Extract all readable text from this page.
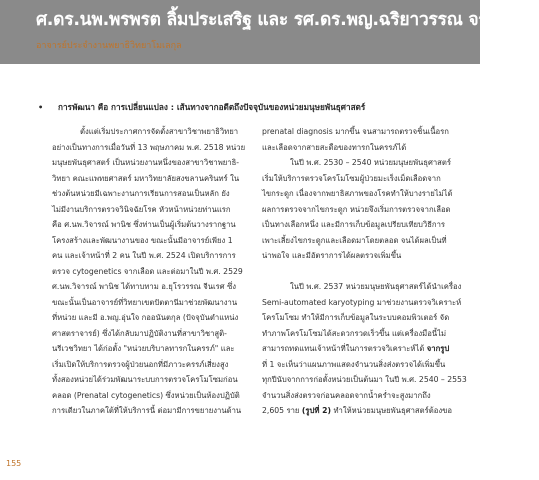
ศ.ดร.นพ.พรพรต ลิ้มประเสริฐ และ รศ.ดร.พญ.ฉริยาวรรณ จรัลสวัสดิ์
อาจารย์ประจำงานพยาธิวิทยาโมเลกุล
• การพัฒนา คือ การเปลี่ยนแปลง : เส้นทางจากอดีตถึงปัจจุบันของหน่วยมนุษยพันธุศาสตร์
ตั้งแต่เริ่มประกาศการจัดตั้งสาขาวิชาพยาธิวิทยา
อย่างเป็นทางการเมื่อวันที่ 13 พฤษภาคม พ.ศ. 2518 หน่วย
มนุษยพันธุศาสตร์ เป็นหน่วยงานหนึ่งของสาขาวิชาพยาธิ-
วิทยา คณะแพทยศาสตร์ มหาวิทยาลัยสงขลานครินทร์ ใน
ช่วงต้นหน่วยมีเฉพาะงานการเรียนการสอนเป็นหลัก ยัง
ไม่มีงานบริการตรวจวินิจฉัยโรค หัวหน้าหน่วยท่านแรก
คือ ศ.นพ.วิจารณ์ พานิช ซึ่งท่านเป็นผู้เริ่มต้นวางรากฐาน
โครงสร้างและพัฒนางานของ ขณะนั้นมีอาจารย์เพียง 1
คน และเจ้าหน้าที่ 2 คน ในปี พ.ศ. 2524 เปิดบริการการ
ตรวจ cytogenetics จากเลือด และต่อมาในปี พ.ศ. 2529
ศ.นพ.วิจารณ์ พานิช ได้ทาบทาม อ.ยุโรวรรณ จีนเรศ ซึ่ง
ขณะนั้นเป็นอาจารย์ที่วิทยาเขตปัตตานีมาช่วยพัฒนางาน
ที่หน่วย และมี อ.พญ.อุ่นใจ กออนันตกุล (ปัจจุบันตำแหน่ง
ศาสตราจารย์) ซึ่งได้กลับมาปฏิบัติงานที่สาขาวิชาสูติ-
นรีเวชวิทยา ได้ก่อตั้ง "หน่วยบริบาลทารกในครรภ์" และ
เริ่มเปิดให้บริการตรวจผู้ป่วยนอกที่มีภาวะครรภ์เสี่ยงสูง
ทั้งสองหน่วยได้ร่วมพัฒนาระบบการตรวจโครโมโซมก่อน
คลอด (Prenatal cytogenetics) ซึ่งหน่วยเป็นห้องปฏิบัติ
การเดียวในภาคใต้ที่ให้บริการนี้ ต่อมามีการขยายงานด้าน
prenatal diagnosis มากขึ้น จนสามารถตรวจชิ้นเนื้อรก
และเลือดจากสายสะดือของทารกในครรภ์ได้
ในปี พ.ศ. 2530 – 2540 หน่วยมนุษยพันธุศาสตร์
เริ่มให้บริการตรวจโครโมโซมผู้ป่วยมะเร็งเม็ดเลือดจาก
ไขกระดูก เนื่องจากพยาธิสภาพของโรคทำให้บางรายไม่ได้
ผลการตรวจจากไขกระดูก หน่วยจึงเริ่มการตรวจจากเลือด
เป็นทางเลือกหนึ่ง และมีการเก็บข้อมูลเปรียบเทียบวิธีการ
เพาะเลี้ยงไขกระดูกและเลือดมาโดยตลอด จนได้ผลเป็นที่
น่าพอใจ และมีอัตราการได้ผลตรวจเพิ่มขึ้น
ในปี พ.ศ. 2537 หน่วยมนุษยพันธุศาสตร์ได้นำเครื่อง
Semi-automated karyotyping มาช่วยงานตรวจวิเคราะห์
โครโมโซม ทำให้มีการเก็บข้อมูลในระบบคอมพิวเตอร์ จัด
ทำภาพโครโมโซมได้สะดวกรวดเร็วขึ้น แต่เครื่องมือนี้ไม่
สามารถทดแทนเจ้าหน้าที่ในการตรวจวิเคราะห์ได้ จากรูป
ที่ 1 จะเห็นว่าแผนภาพแสดงจำนวนสิ่งส่งตรวจได้เพิ่มขึ้น
ทุกปีนับจากการก่อตั้งหน่วยเป็นต้นมา ในปี พ.ศ. 2540 – 2553
จำนวนสิ่งส่งตรวจก่อนคลอดจากน้ำคร่ำจะสูงมากถึง
2,605 ราย (รูปที่ 2) ทำให้หน่วยมนุษยพันธุศาสตร์ต้องขอ
155
